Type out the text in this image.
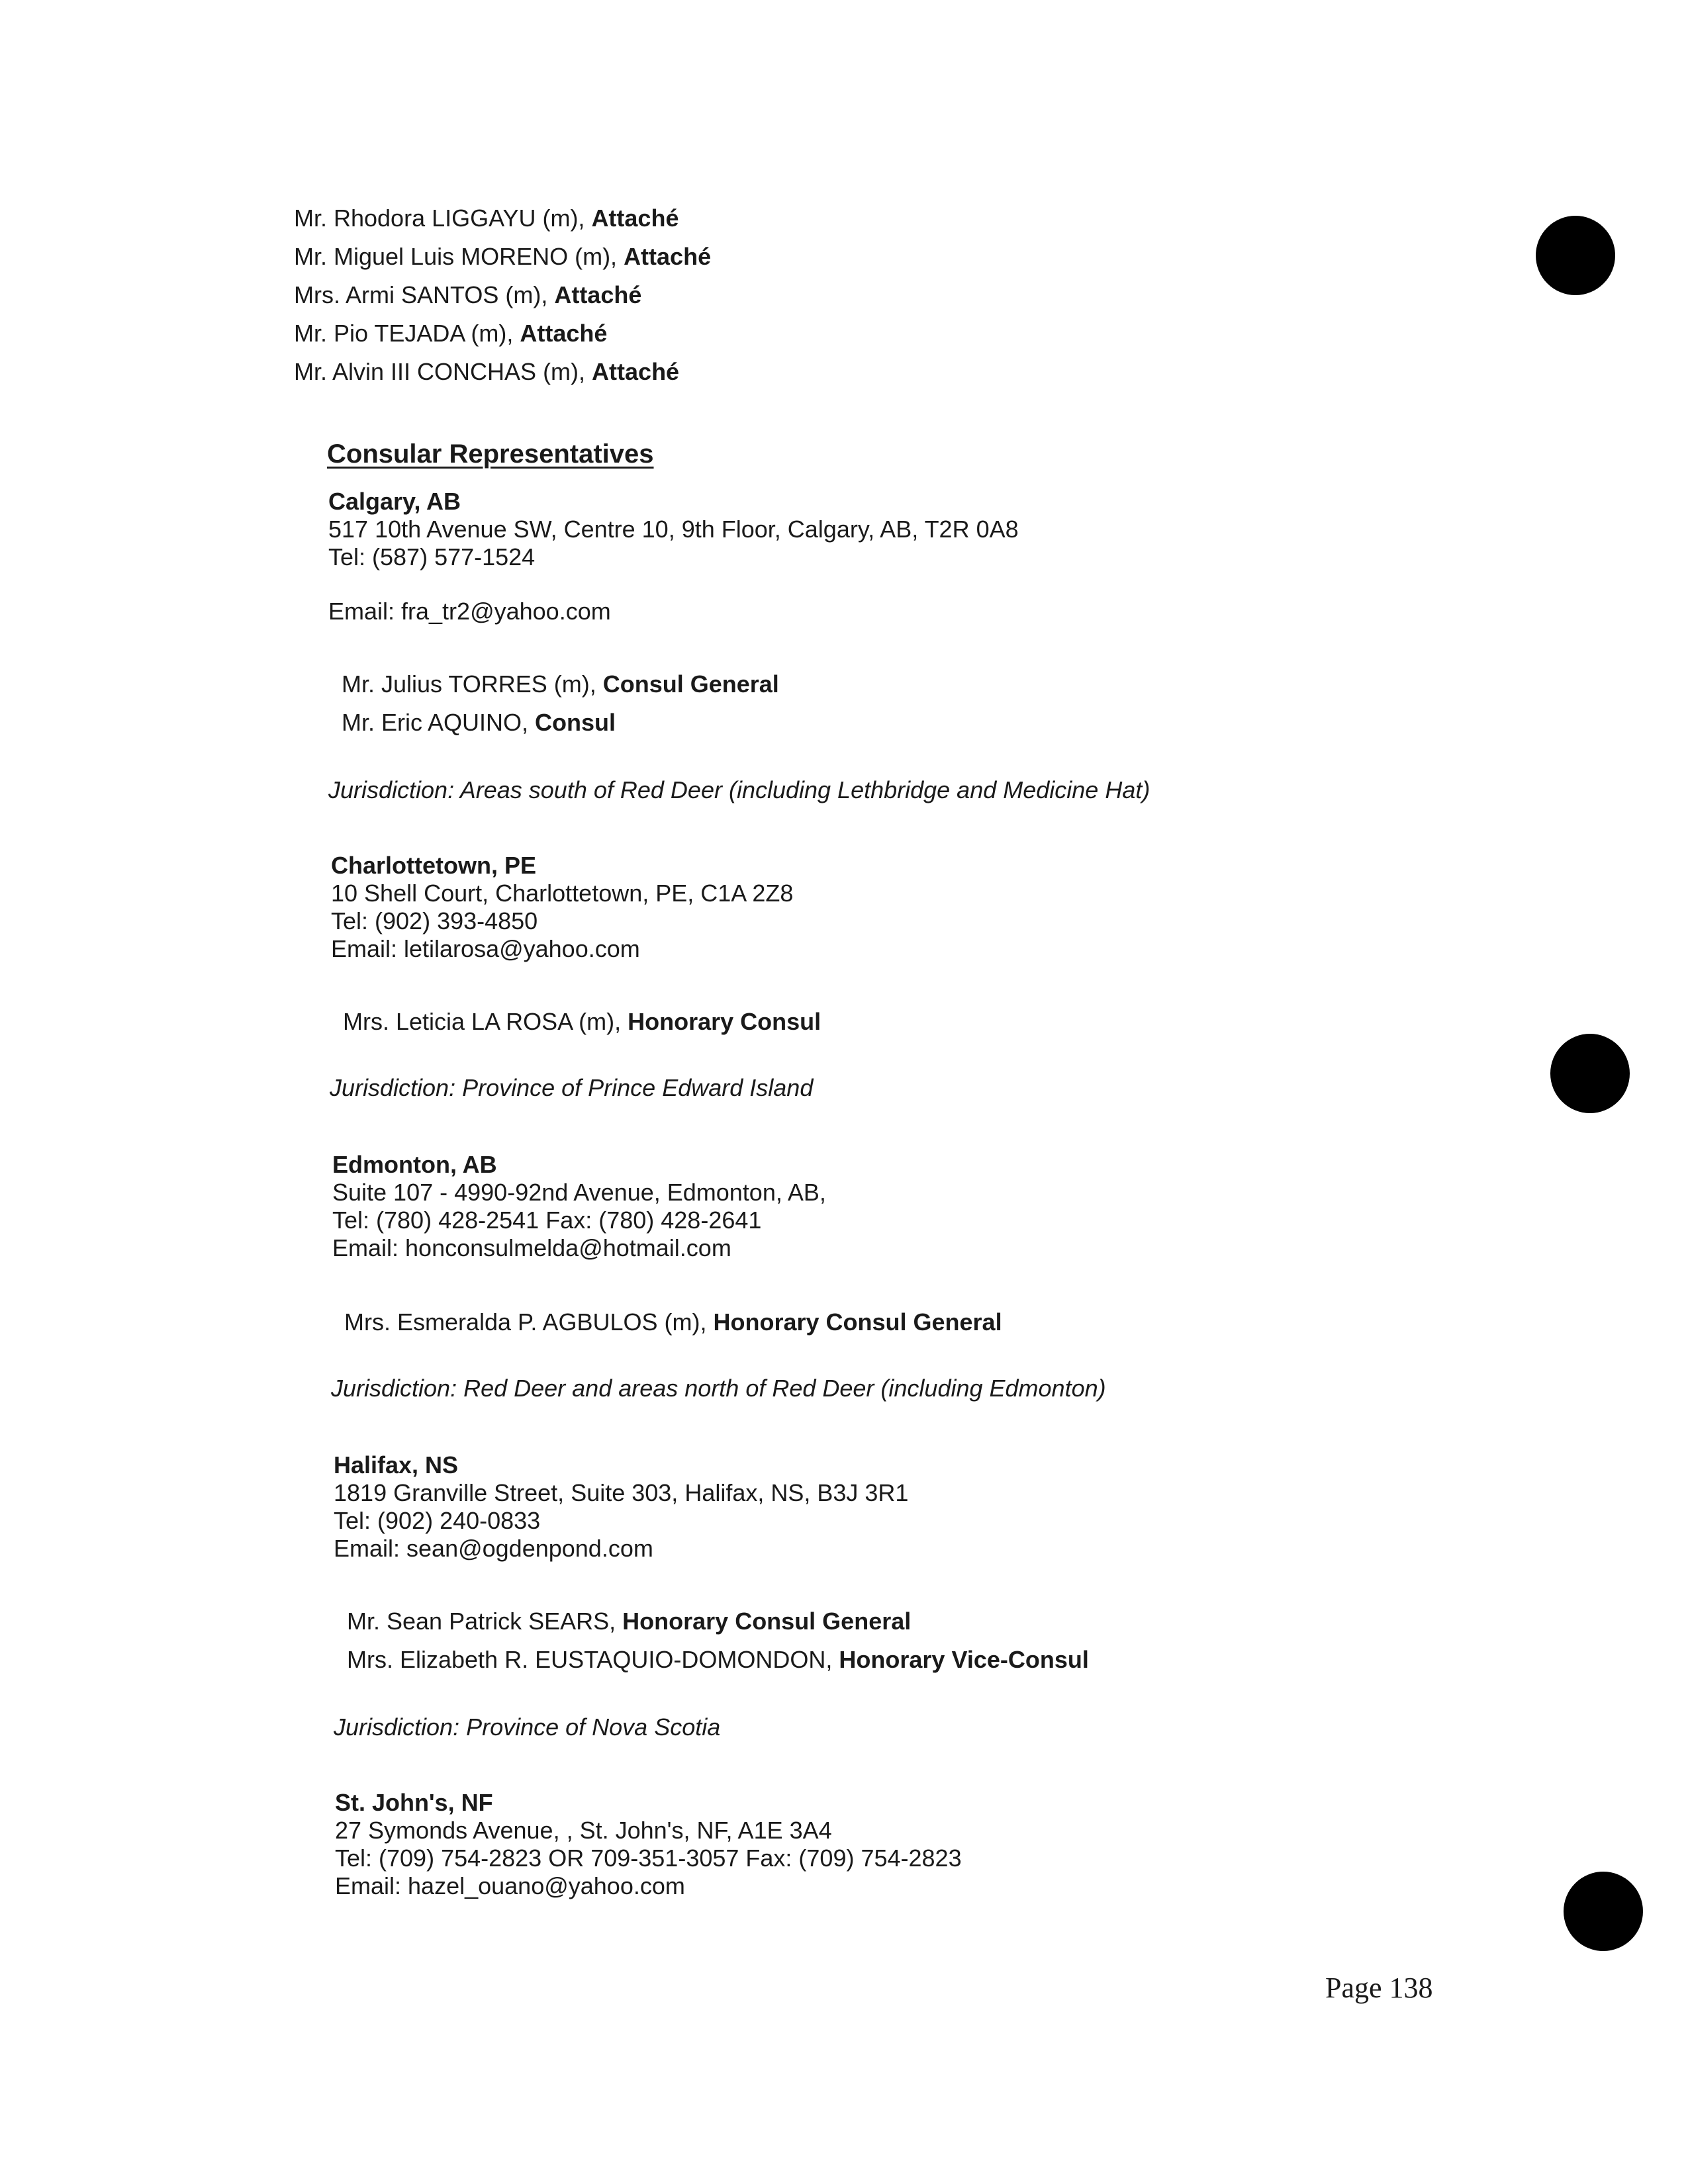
Mr. Rhodora LIGGAYU (m), Attaché
Mr. Miguel Luis MORENO (m), Attaché
Mrs. Armi SANTOS (m), Attaché
Mr. Pio TEJADA (m), Attaché
Mr. Alvin III CONCHAS (m), Attaché
Consular Representatives
Calgary, AB
517 10th Avenue SW, Centre 10, 9th Floor, Calgary, AB, T2R 0A8
Tel: (587) 577-1524
Email: fra_tr2@yahoo.com
Mr. Julius TORRES (m), Consul General
Mr. Eric AQUINO, Consul
Jurisdiction: Areas south of Red Deer (including Lethbridge and Medicine Hat)
Charlottetown, PE
10 Shell Court, Charlottetown, PE, C1A 2Z8
Tel: (902) 393-4850
Email: letilarosa@yahoo.com
Mrs. Leticia LA ROSA (m), Honorary Consul
Jurisdiction: Province of Prince Edward Island
Edmonton, AB
Suite 107 - 4990-92nd Avenue, Edmonton, AB,
Tel: (780) 428-2541 Fax: (780) 428-2641
Email: honconsulmelda@hotmail.com
Mrs. Esmeralda P. AGBULOS (m), Honorary Consul General
Jurisdiction: Red Deer and areas north of Red Deer (including Edmonton)
Halifax, NS
1819 Granville Street, Suite 303, Halifax, NS, B3J 3R1
Tel: (902) 240-0833
Email: sean@ogdenpond.com
Mr. Sean Patrick SEARS, Honorary Consul General
Mrs. Elizabeth R. EUSTAQUIO-DOMONDON, Honorary Vice-Consul
Jurisdiction: Province of Nova Scotia
St. John's, NF
27 Symonds Avenue, , St. John's, NF, A1E 3A4
Tel: (709) 754-2823 OR 709-351-3057 Fax: (709) 754-2823
Email: hazel_ouano@yahoo.com
Page 138
